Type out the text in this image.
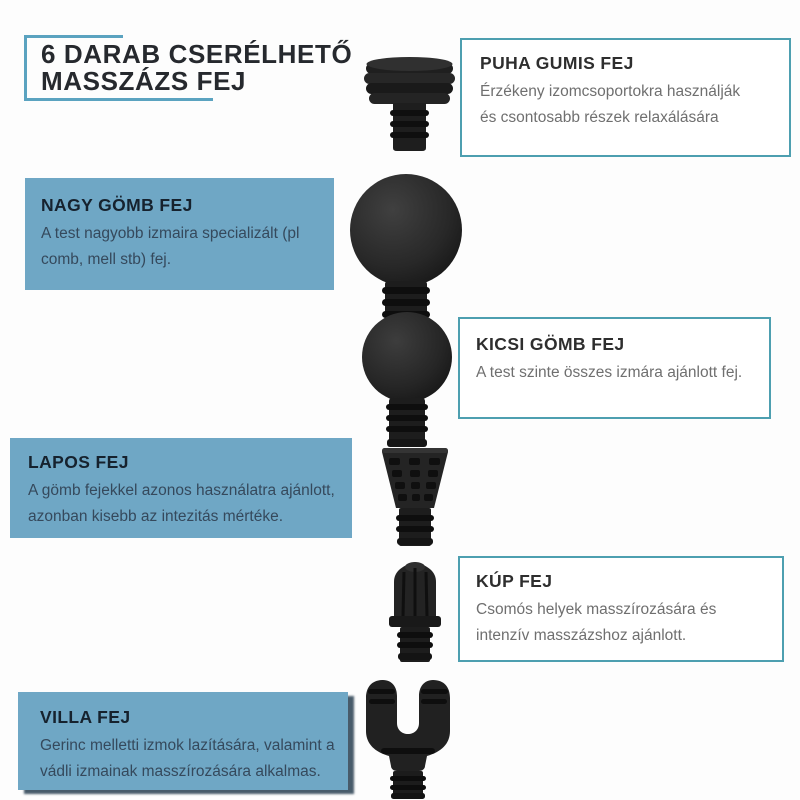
6 DARAB CSERÉLHETŐ
MASSZÁZS FEJ
PUHA GUMIS FEJ
Érzékeny izomcsoportokra használják és csontosabb részek relaxálására
NAGY GÖMB FEJ
A test nagyobb izmaira specializált (pl comb, mell stb) fej.
KICSI GÖMB FEJ
A test szinte összes izmára ajánlott fej.
LAPOS FEJ
A gömb fejekkel azonos használatra ajánlott, azonban kisebb az intezitás mértéke.
KÚP FEJ
Csomós helyek masszírozására és intenzív masszázshoz ajánlott.
VILLA FEJ
Gerinc melletti izmok lazítására, valamint a vádli izmainak masszírozására alkalmas.
